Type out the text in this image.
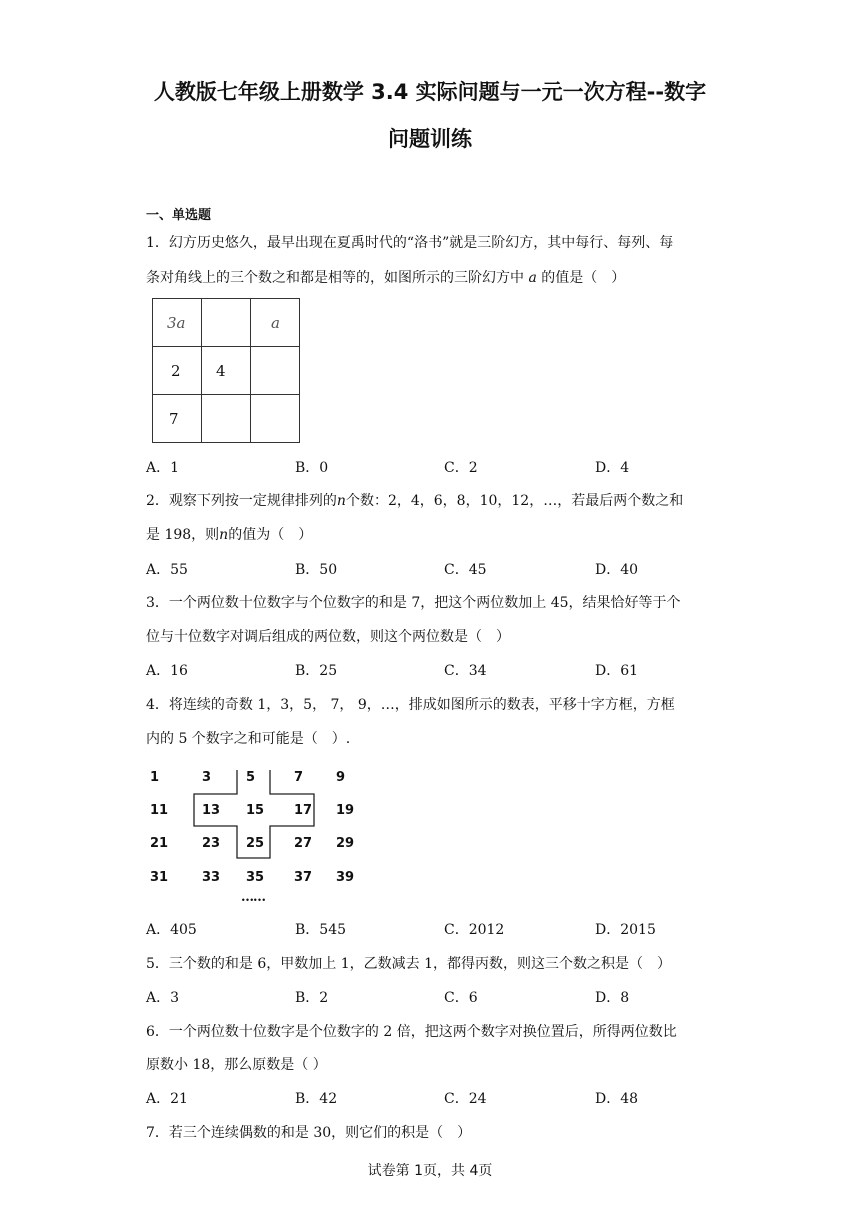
人教版七年级上册数学 3.4 实际问题与一元一次方程--数字
问题训练
一、单选题
1．幻方历史悠久，最早出现在夏禹时代的“洛书”就是三阶幻方，其中每行、每列、每
条对角线上的三个数之和都是相等的，如图所示的三阶幻方中 a 的值是（　）
3a		a
2	4	
7		
A．1	B．0	C．2	D．4
2．观察下列按一定规律排列的n个数：2，4，6，8，10，12，…，若最后两个数之和
是 198，则n的值为（　）
A．55	B．50	C．45	D．40
3．一个两位数十位数字与个位数字的和是 7，把这个两位数加上 45，结果恰好等于个
位与十位数字对调后组成的两位数，则这个两位数是（　）
A．16	B．25	C．34	D．61
4．将连续的奇数 1，3，5， 7， 9，…，排成如图所示的数表，平移十字方框，方框
内的 5 个数字之和可能是（　）.
1	3	5	7	9
11	13 15 17 19
21	23 25 27 29
31	33 35 37 39
……
A．405	B．545	C．2012	D．2015
5．三个数的和是 6，甲数加上 1，乙数减去 1，都得丙数，则这三个数之积是（　）
A．3	B．2	C．6	D．8
6．一个两位数十位数字是个位数字的 2 倍，把这两个数字对换位置后，所得两位数比
原数小 18，那么原数是（ ）
A．21	B．42	C．24	D．48
7．若三个连续偶数的和是 30，则它们的积是（　）
试卷第 1页，共 4页
